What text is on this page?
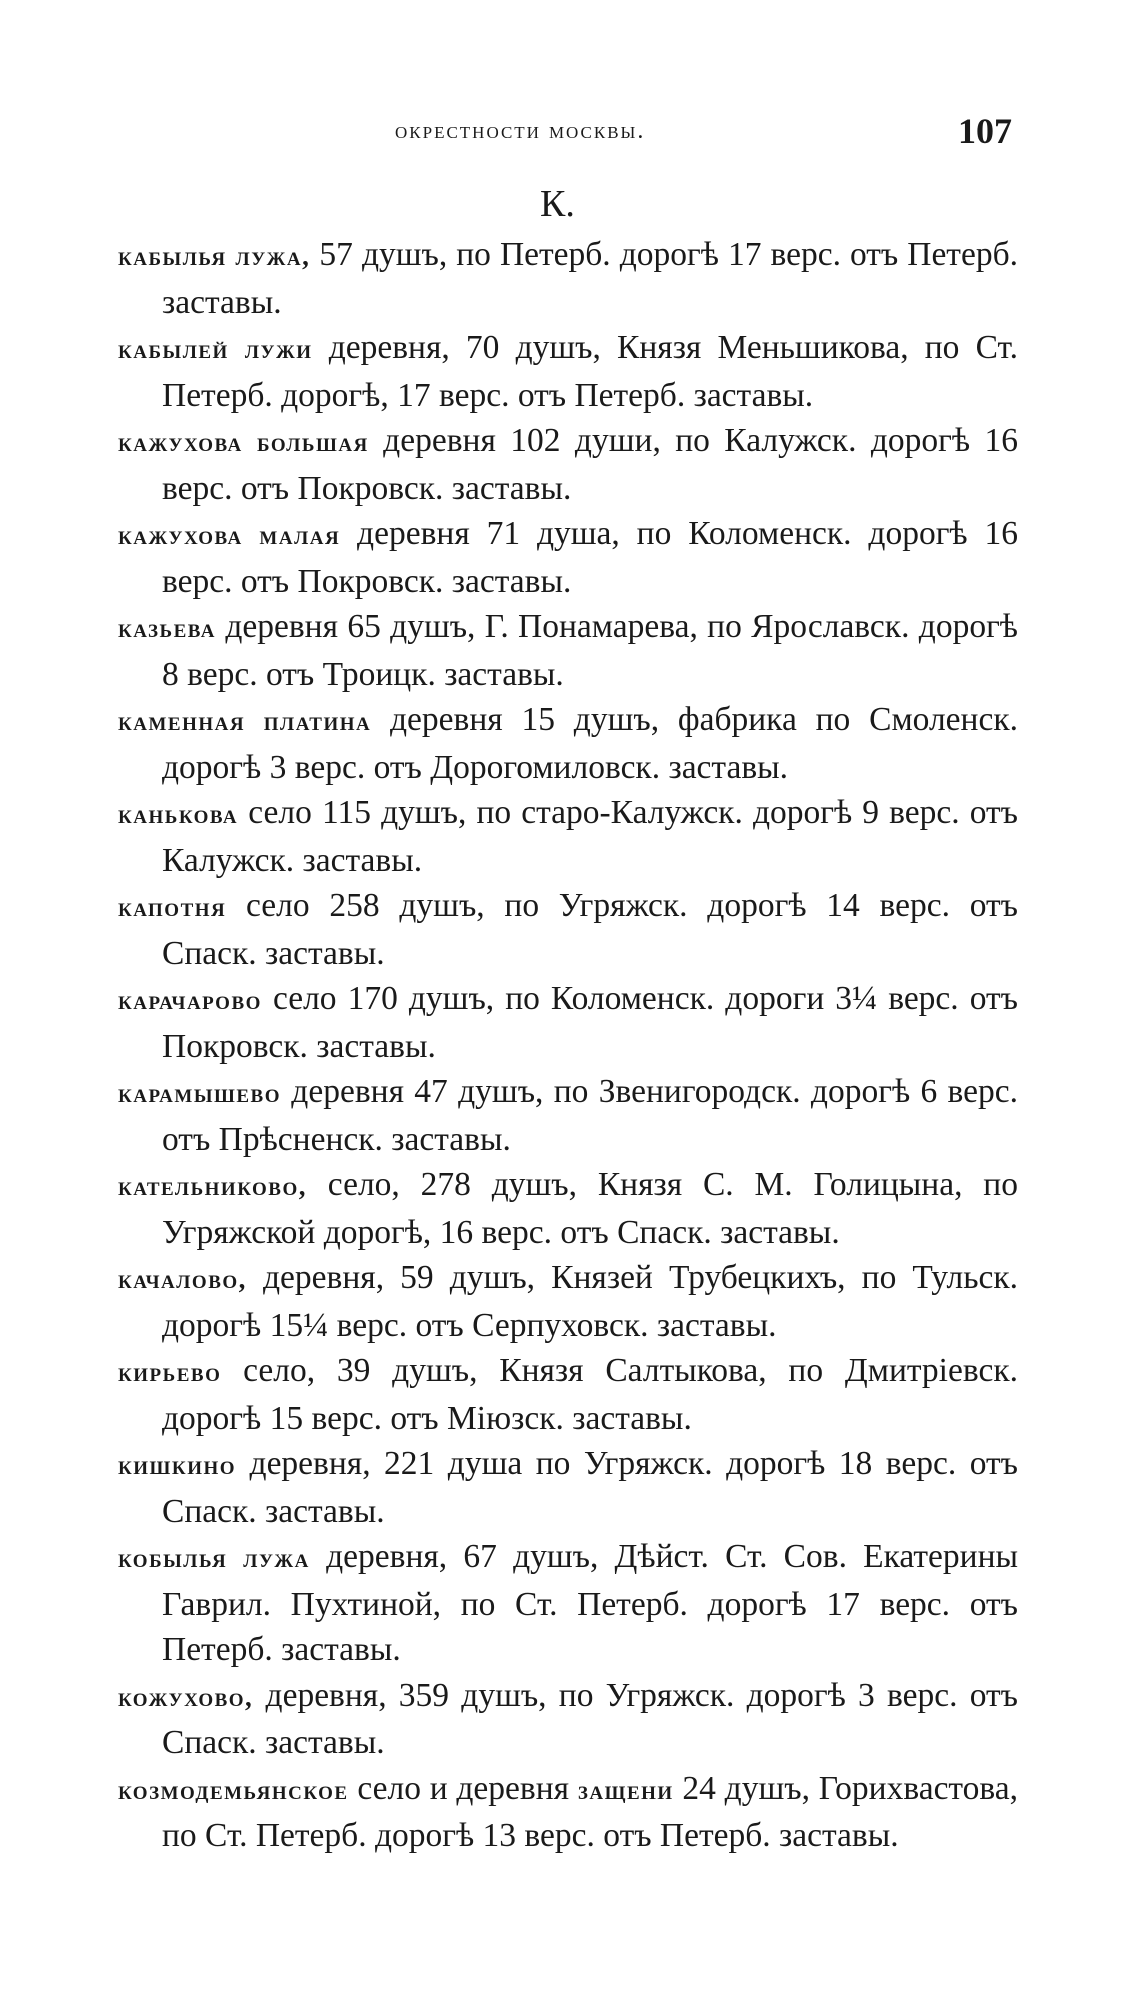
окрестности москвы.	107
К.

кабылья лужа, 57 душъ, по Петерб. дорогѣ 17 верс. отъ Петерб. заставы.

кабылей лужи деревня, 70 душъ, Князя Меньшикова, по Ст. Петерб. дорогѣ, 17 верс. отъ Петерб. заставы.

кажухова большая деревня 102 души, по Калужск. дорогѣ 16 верс. отъ Покровск. заставы.

кажухова малая деревня 71 душа, по Коломенск. дорогѣ 16 верс. отъ Покровск. заставы.

казьева деревня 65 душъ, Г. Понамарева, по Ярославск. дорогѣ 8 верс. отъ Троицк. заставы.

каменная платина деревня 15 душъ, фабрика по Смоленск. дорогѣ 3 верс. отъ Дорогомиловск. заставы.

канькова село 115 душъ, по старо-Калужск. дорогѣ 9 верс. отъ Калужск. заставы.

капотня село 258 душъ, по Угряжск. дорогѣ 14 верс. отъ Спаск. заставы.

карачарово село 170 душъ, по Коломенск. дороги 3¼ верс. отъ Покровск. заставы.

карамышево деревня 47 душъ, по Звенигородск. дорогѣ 6 верс. отъ Прѣсненск. заставы.

кательниково, село, 278 душъ, Князя С. М. Голицына, по Угряжской дорогѣ, 16 верс. отъ Спаск. заставы.

качалово, деревня, 59 душъ, Князей Трубецкихъ, по Тульск. дорогѣ 15¼ верс. отъ Серпуховск. заставы.

кирьево село, 39 душъ, Князя Салтыкова, по Дмитріевск. дорогѣ 15 верс. отъ Міюзск. заставы.

кишкино деревня, 221 душа по Угряжск. дорогѣ 18 верс. отъ Спаск. заставы.

кобылья лужа деревня, 67 душъ, Дѣйст. Ст. Сов. Екатерины Гаврил. Пухтиной, по Ст. Петерб. дорогѣ 17 верс. отъ Петерб. заставы.

кожухово, деревня, 359 душъ, по Угряжск. дорогѣ 3 верс. отъ Спаск. заставы.

козмодемьянское село и деревня защени 24 душъ, Горихвастова, по Ст. Петерб. дорогѣ 13 верс. отъ Петерб. заставы.
